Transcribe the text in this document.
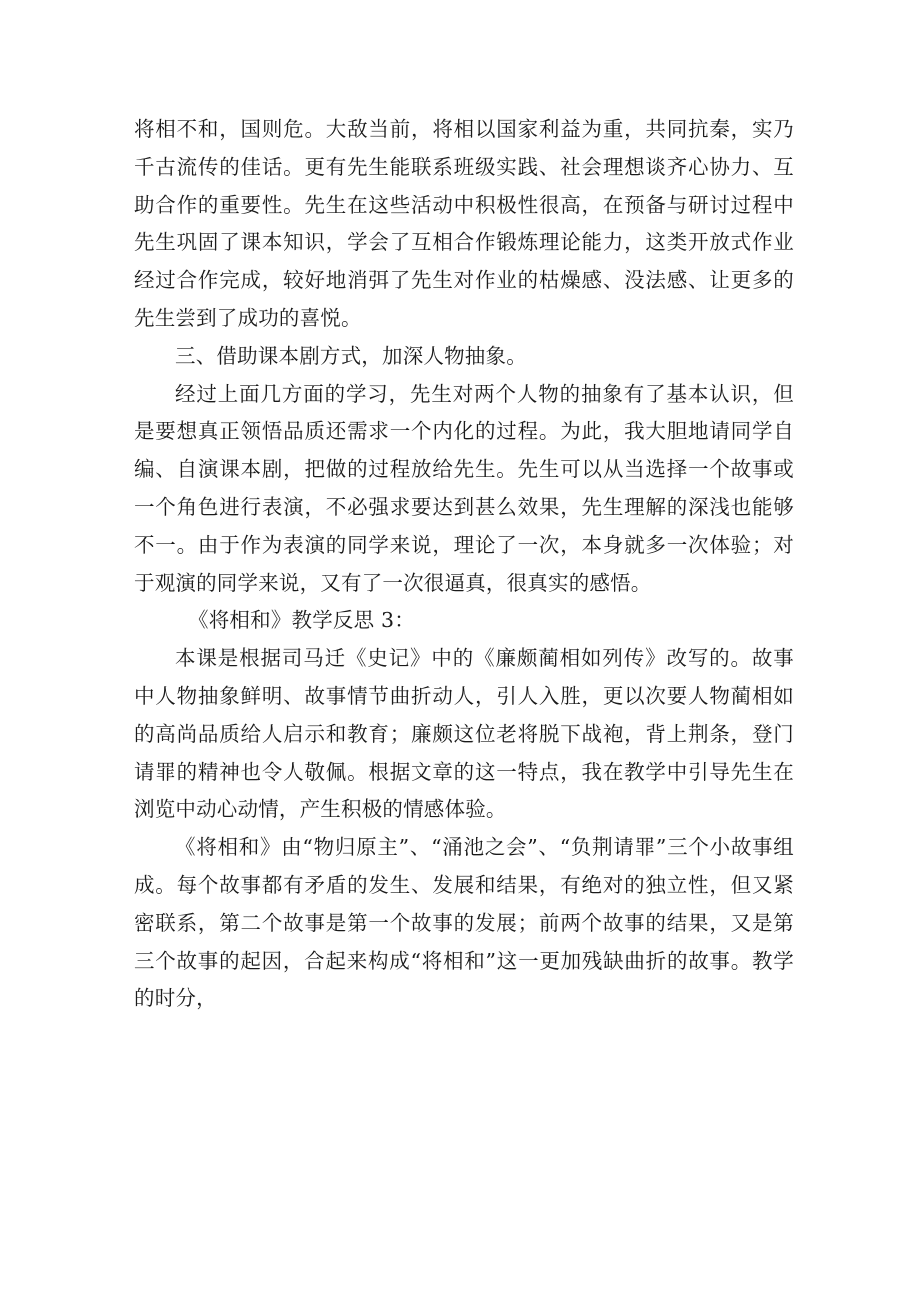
将相不和，国则危。大敌当前，将相以国家利益为重，共同抗秦，实乃千古流传的佳话。更有先生能联系班级实践、社会理想谈齐心协力、互助合作的重要性。先生在这些活动中积极性很高，在预备与研讨过程中先生巩固了课本知识，学会了互相合作锻炼理论能力，这类开放式作业经过合作完成，较好地消弭了先生对作业的枯燥感、没法感、让更多的先生尝到了成功的喜悦。

三、借助课本剧方式，加深人物抽象。

经过上面几方面的学习，先生对两个人物的抽象有了基本认识，但是要想真正领悟品质还需求一个内化的过程。为此，我大胆地请同学自编、自演课本剧，把做的过程放给先生。先生可以从当选择一个故事或一个角色进行表演，不必强求要达到甚么效果，先生理解的深浅也能够不一。由于作为表演的同学来说，理论了一次，本身就多一次体验；对于观演的同学来说，又有了一次很逼真，很真实的感悟。

《将相和》教学反思 3：

本课是根据司马迁《史记》中的《廉颇蔺相如列传》改写的。故事中人物抽象鲜明、故事情节曲折动人，引人入胜，更以次要人物蔺相如的高尚品质给人启示和教育；廉颇这位老将脱下战袍，背上荆条，登门请罪的精神也令人敬佩。根据文章的这一特点，我在教学中引导先生在浏览中动心动情，产生积极的情感体验。

《将相和》由“物归原主”、“涌池之会”、“负荆请罪”三个小故事组成。每个故事都有矛盾的发生、发展和结果，有绝对的独立性，但又紧密联系，第二个故事是第一个故事的发展；前两个故事的结果，又是第三个故事的起因，合起来构成“将相和”这一更加残缺曲折的故事。教学的时分，
